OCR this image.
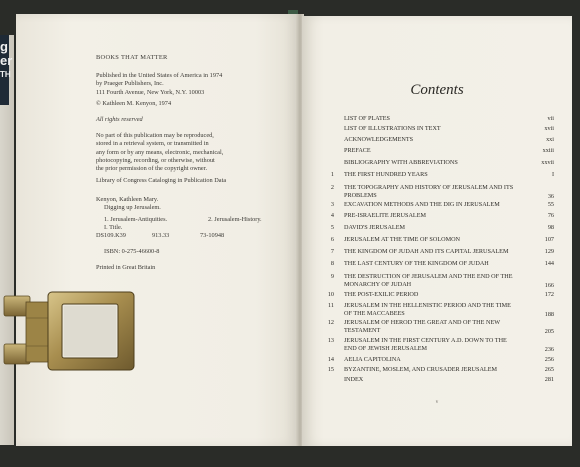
g
er
TH

BOOKS THAT MATTER

Published in the United States of America in 1974

by Praeger Publishers, Inc.

111 Fourth Avenue, New York, N.Y. 10003

© Kathleen M. Kenyon, 1974

All rights reserved

No part of this publication may be reproduced,

stored in a retrieval system, or transmitted in

any form or by any means, electronic, mechanical,

photocopying, recording, or otherwise, without

the prior permission of the copyright owner.

Library of Congress Cataloging in Publication Data

Kenyon, Kathleen Mary.

Digging up Jerusalem.

1. Jerusalem-Antiquities.	2. Jerusalem-History.

I. Title.

DS109.K39	913.33	73-10948

ISBN: 0-275-46600-8

Printed in Great Britain

Contents
LIST OF PLATES	vii
LIST OF ILLUSTRATIONS IN TEXT	xvii
ACKNOWLEDGEMENTS	xxi
PREFACE	xxiii
BIBLIOGRAPHY WITH ABBREVIATIONS	xxvii
1 THE FIRST HUNDRED YEARS	I
2 THE TOPOGRAPHY AND HISTORY OF JERUSALEM AND ITS
PROBLEMS	36
3 EXCAVATION METHODS AND THE DIG IN JERUSALEM	55
4 PRE-ISRAELITE JERUSALEM	76
5 DAVID'S JERUSALEM	98
6 JERUSALEM AT THE TIME OF SOLOMON	107
7 THE KINGDOM OF JUDAH AND ITS CAPITAL JERUSALEM	129
8 THE LAST CENTURY OF THE KINGDOM OF JUDAH	144
9 THE DESTRUCTION OF JERUSALEM AND THE END OF THE
MONARCHY OF JUDAH	166
10 THE POST-EXILIC PERIOD	172
11 JERUSALEM IN THE HELLENISTIC PERIOD AND THE TIME
OF THE MACCABEES	188
12 JERUSALEM OF HEROD THE GREAT AND OF THE NEW
TESTAMENT	205
13 JERUSALEM IN THE FIRST CENTURY A.D. DOWN TO THE
END OF JEWISH JERUSALEM	236
14 AELIA CAPITOLINA	256
15 BYZANTINE, MOSLEM, AND CRUSADER JERUSALEM	265
INDEX	281
v
